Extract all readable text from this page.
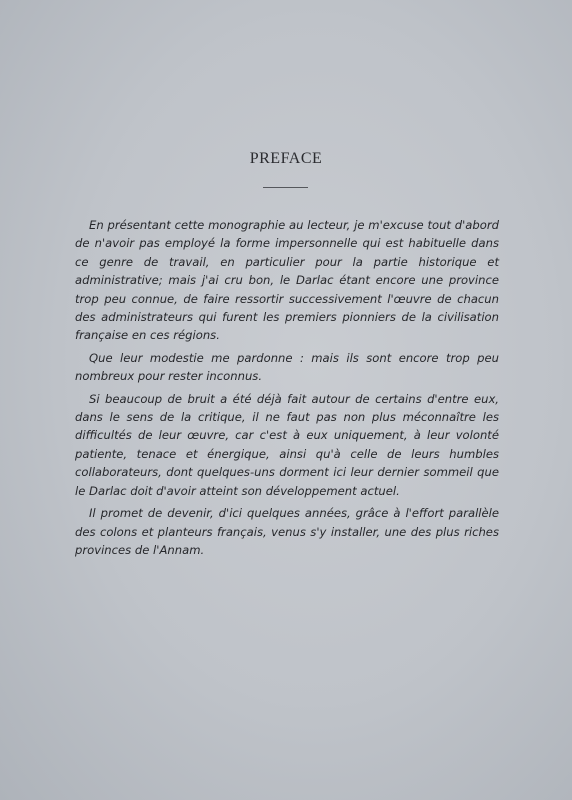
PREFACE

En présentant cette monographie au lecteur, je m'excuse tout d'abord de n'avoir pas employé la forme impersonnelle qui est habituelle dans ce genre de travail, en particulier pour la partie historique et administrative; mais j'ai cru bon, le Darlac étant encore une province trop peu connue, de faire ressortir successivement l'œuvre de chacun des administrateurs qui furent les premiers pionniers de la civilisation française en ces régions.

Que leur modestie me pardonne : mais ils sont encore trop peu nombreux pour rester inconnus.

Si beaucoup de bruit a été déjà fait autour de certains d'entre eux, dans le sens de la critique, il ne faut pas non plus méconnaître les difficultés de leur œuvre, car c'est à eux uniquement, à leur volonté patiente, tenace et énergique, ainsi qu'à celle de leurs humbles collaborateurs, dont quelques-uns dorment ici leur dernier sommeil que le Darlac doit d'avoir atteint son développement actuel.

Il promet de devenir, d'ici quelques années, grâce à l'effort parallèle des colons et planteurs français, venus s'y installer, une des plus riches provinces de l'Annam.
